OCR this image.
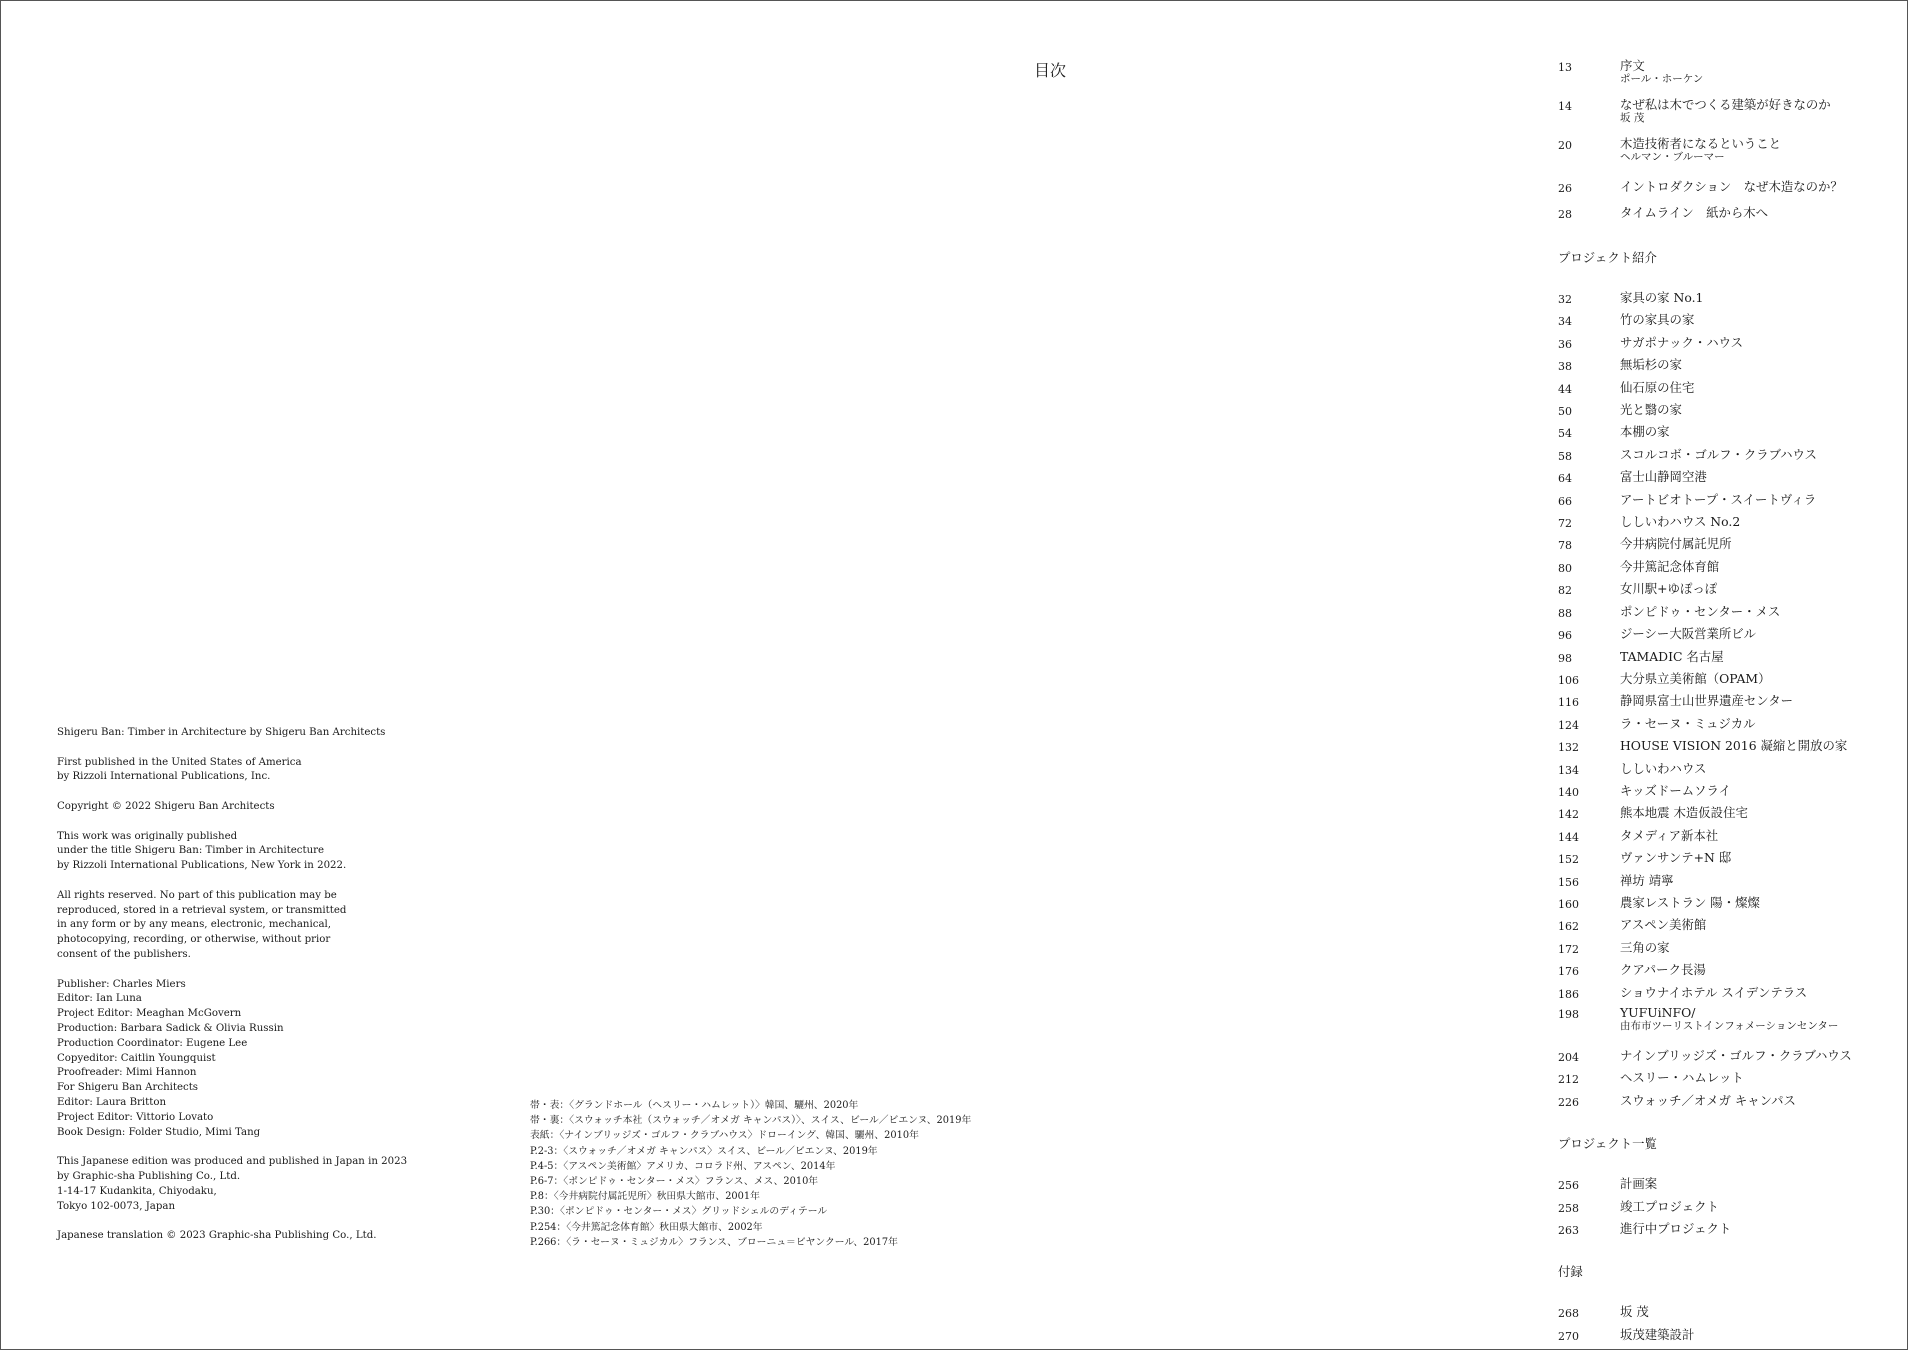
目次

Shigeru Ban: Timber in Architecture by Shigeru Ban Architects

First published in the United States of America
by Rizzoli International Publications, Inc.

Copyright © 2022 Shigeru Ban Architects

This work was originally published
under the title Shigeru Ban: Timber in Architecture
by Rizzoli International Publications, New York in 2022.

All rights reserved. No part of this publication may be
reproduced, stored in a retrieval system, or transmitted
in any form or by any means, electronic, mechanical,
photocopying, recording, or otherwise, without prior
consent of the publishers.

Publisher: Charles Miers
Editor: Ian Luna
Project Editor: Meaghan McGovern
Production: Barbara Sadick & Olivia Russin
Production Coordinator: Eugene Lee
Copyeditor: Caitlin Youngquist
Proofreader: Mimi Hannon
For Shigeru Ban Architects
Editor: Laura Britton
Project Editor: Vittorio Lovato
Book Design: Folder Studio, Mimi Tang

This Japanese edition was produced and published in Japan in 2023
by Graphic-sha Publishing Co., Ltd.
1-14-17 Kudankita, Chiyodaku,
Tokyo 102-0073, Japan

Japanese translation © 2023 Graphic-sha Publishing Co., Ltd.

帯・表：〈グランドホール（ヘスリー・ハムレット）〉韓国、驪州、2020年
帯・裏：〈スウォッチ本社（スウォッチ／オメガ キャンパス）〉、スイス、ビール／ビエンヌ、2019年
表紙：〈ナインブリッジズ・ゴルフ・クラブハウス〉ドローイング、韓国、驪州、2010年
P.2-3：〈スウォッチ／オメガ キャンパス〉スイス、ビール／ビエンヌ、2019年
P.4-5：〈アスペン美術館〉アメリカ、コロラド州、アスペン、2014年
P.6-7：〈ポンピドゥ・センター・メス〉フランス、メス、2010年
P.8：〈今井病院付属託児所〉秋田県大館市、2001年
P.30：〈ポンピドゥ・センター・メス〉グリッドシェルのディテール
P.254：〈今井篤記念体育館〉秋田県大館市、2002年
P.266：〈ラ・セーヌ・ミュジカル〉フランス、ブローニュ＝ビヤンクール、2017年
13	序文
ポール・ホーケン
14	なぜ私は木でつくる建築が好きなのか
坂 茂
20	木造技術者になるということ
ヘルマン・ブルーマー
26	イントロダクション　なぜ木造なのか？
28	タイムライン　紙から木へ
プロジェクト紹介
32	家具の家 No.1
34	竹の家具の家
36	サガポナック・ハウス
38	無垢杉の家
44	仙石原の住宅
50	光と翳の家
54	本棚の家
58	スコルコボ・ゴルフ・クラブハウス
64	富士山静岡空港
66	アートビオトープ・スイートヴィラ
72	ししいわハウス No.2
78	今井病院付属託児所
80	今井篤記念体育館
82	女川駅+ゆぽっぽ
88	ポンピドゥ・センター・メス
96	ジーシー大阪営業所ビル
98	TAMADIC 名古屋
106	大分県立美術館（OPAM）
116	静岡県富士山世界遺産センター
124	ラ・セーヌ・ミュジカル
132	HOUSE VISION 2016 凝縮と開放の家
134	ししいわハウス
140	キッズドームソライ
142	熊本地震 木造仮設住宅
144	タメディア新本社
152	ヴァンサンテ+N 邸
156	禅坊 靖寧
160	農家レストラン 陽・燦燦
162	アスペン美術館
172	三角の家
176	クアパーク長湯
186	ショウナイホテル スイデンテラス
198	YUFUiNFO/
由布市ツーリストインフォメーションセンター
204	ナインブリッジズ・ゴルフ・クラブハウス
212	ヘスリー・ハムレット
226	スウォッチ／オメガ キャンパス
プロジェクト一覧
256	計画案
258	竣工プロジェクト
263	進行中プロジェクト
付録
268	坂 茂
270	坂茂建築設計
